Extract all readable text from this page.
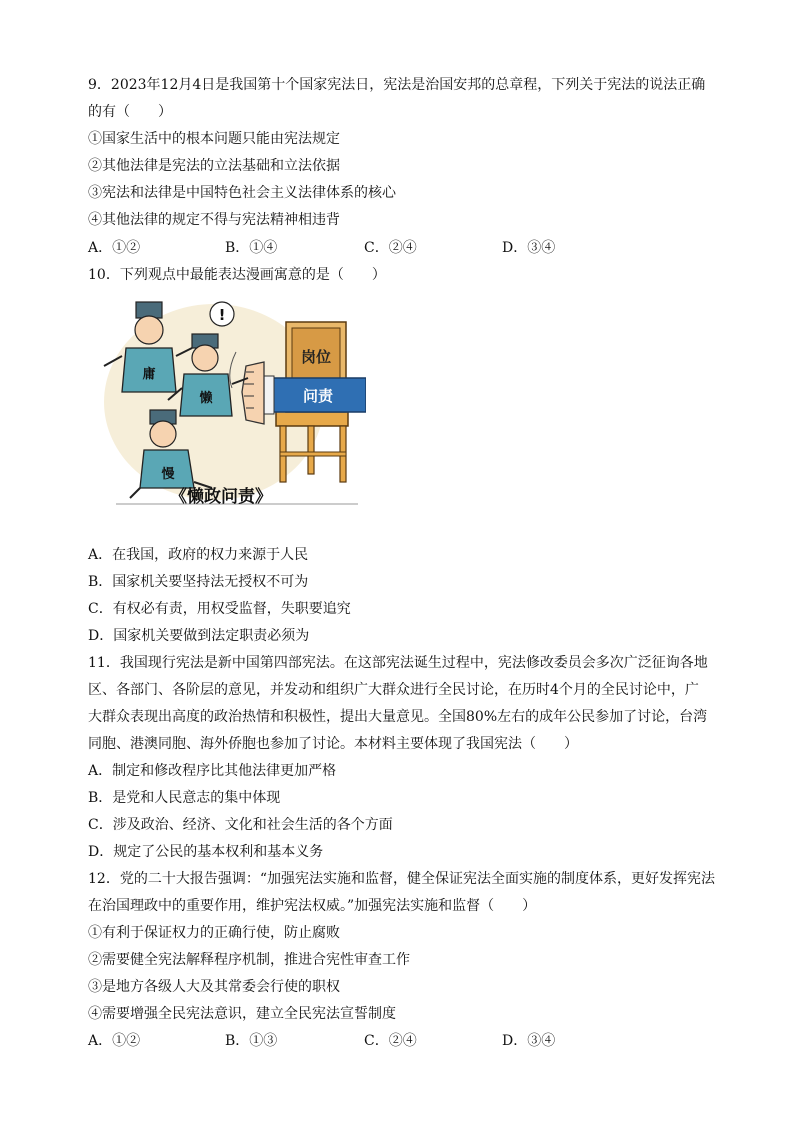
9．2023年12月4日是我国第十个国家宪法日，宪法是治国安邦的总章程，下列关于宪法的说法正确
的有（　　）
①国家生活中的根本问题只能由宪法规定
②其他法律是宪法的立法基础和立法依据
③宪法和法律是中国特色社会主义法律体系的核心
④其他法律的规定不得与宪法精神相违背
A．①②	B．①④	C．②④	D．③④
10．下列观点中最能表达漫画寓意的是（　　）
岗位
问责
庸
!
懒
慢
《懒政问责》
A．在我国，政府的权力来源于人民
B．国家机关要坚持法无授权不可为
C．有权必有责，用权受监督，失职要追究
D．国家机关要做到法定职责必须为
11．我国现行宪法是新中国第四部宪法。在这部宪法诞生过程中，宪法修改委员会多次广泛征询各地
区、各部门、各阶层的意见，并发动和组织广大群众进行全民讨论，在历时4个月的全民讨论中，广
大群众表现出高度的政治热情和积极性，提出大量意见。全国80%左右的成年公民参加了讨论，台湾
同胞、港澳同胞、海外侨胞也参加了讨论。本材料主要体现了我国宪法（　　）
A．制定和修改程序比其他法律更加严格
B．是党和人民意志的集中体现
C．涉及政治、经济、文化和社会生活的各个方面
D．规定了公民的基本权利和基本义务
12．党的二十大报告强调：“加强宪法实施和监督，健全保证宪法全面实施的制度体系，更好发挥宪法
在治国理政中的重要作用，维护宪法权威。”加强宪法实施和监督（　　）
①有利于保证权力的正确行使，防止腐败
②需要健全宪法解释程序机制，推进合宪性审查工作
③是地方各级人大及其常委会行使的职权
④需要增强全民宪法意识，建立全民宪法宣誓制度
A．①②	B．①③	C．②④	D．③④
